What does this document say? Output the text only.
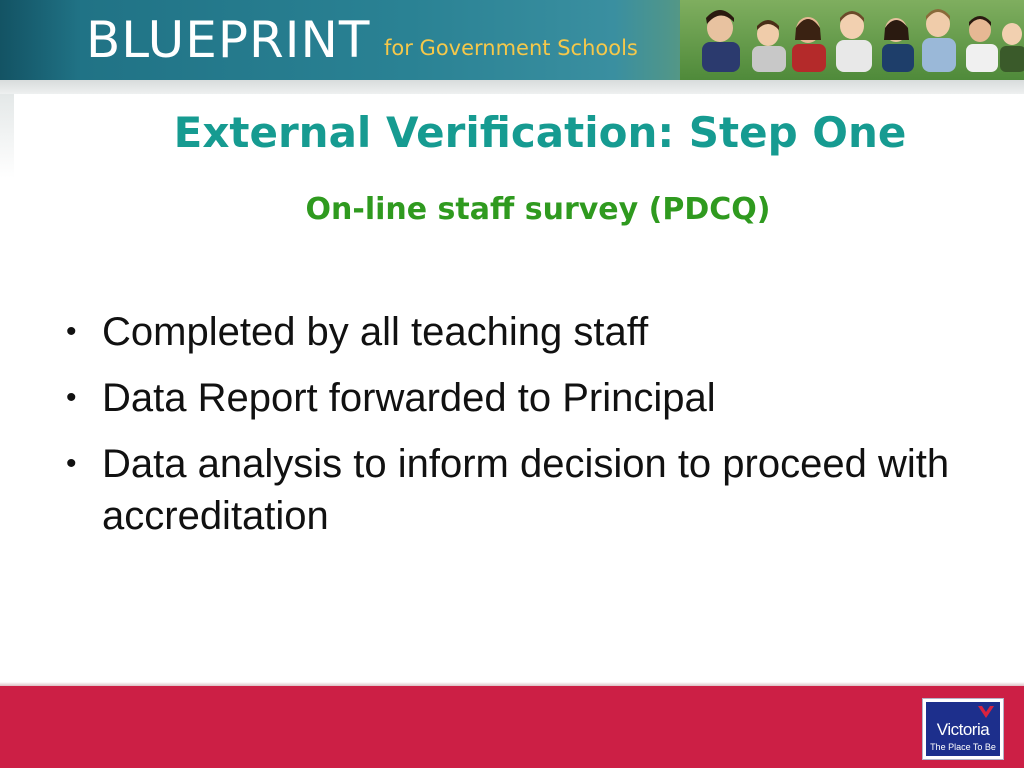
BLUEPRINT for Government Schools
External Verification: Step One
On-line staff survey (PDCQ)
• Completed by all teaching staff
• Data Report forwarded to Principal
• Data analysis to inform decision to proceed with accreditation
Victoria
The Place To Be
